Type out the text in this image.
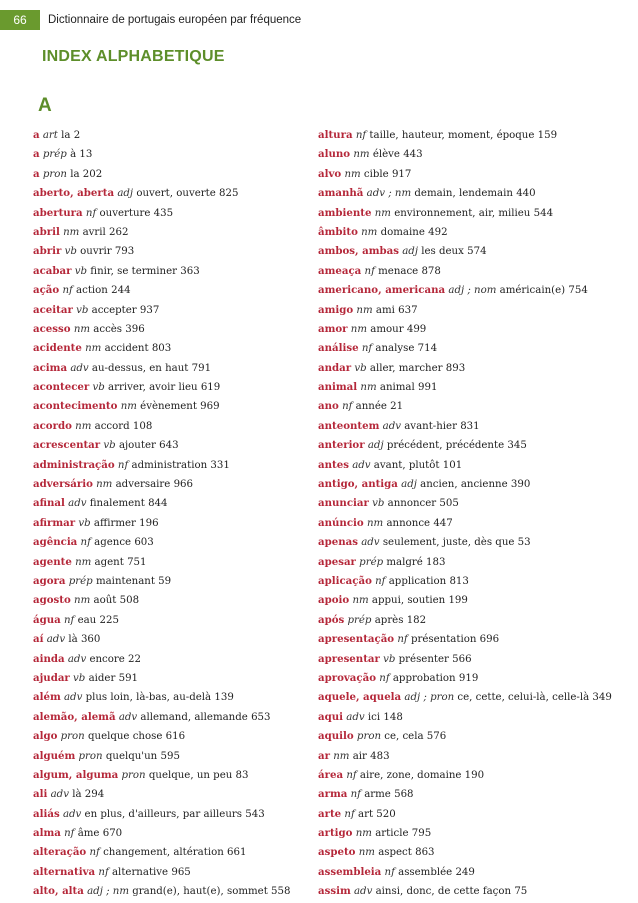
66	Dictionnaire de portugais européen par fréquence
INDEX ALPHABETIQUE
A
a art la 2
a prép à 13
a pron la 202
aberto, aberta adj ouvert, ouverte 825
abertura nf ouverture 435
abril nm avril 262
abrir vb ouvrir 793
acabar vb finir, se terminer 363
ação nf action 244
aceitar vb accepter 937
acesso nm accès 396
acidente nm accident 803
acima adv au-dessus, en haut 791
acontecer vb arriver, avoir lieu 619
acontecimento nm évènement 969
acordo nm accord 108
acrescentar vb ajouter 643
administração nf administration 331
adversário nm adversaire 966
afinal adv finalement 844
afirmar vb affirmer 196
agência nf agence 603
agente nm agent 751
agora prép maintenant 59
agosto nm août 508
água nf eau 225
aí adv là 360
ainda adv encore 22
ajudar vb aider 591
além adv plus loin, là-bas, au-delà 139
alemão, alemã adv allemand, allemande 653
algo pron quelque chose 616
alguém pron quelqu'un 595
algum, alguma pron quelque, un peu 83
ali adv là 294
aliás adv en plus, d'ailleurs, par ailleurs 543
alma nf âme 670
alteração nf changement, altération 661
alternativa nf alternative 965
alto, alta adj ; nm grand(e), haut(e), sommet 558
altura nf taille, hauteur, moment, époque 159
aluno nm élève 443
alvo nm cible 917
amanhã adv ; nm demain, lendemain 440
ambiente nm environnement, air, milieu 544
âmbito nm domaine 492
ambos, ambas adj les deux 574
ameaça nf menace 878
americano, americana adj ; nom américain(e) 754
amigo nm ami 637
amor nm amour 499
análise nf analyse 714
andar vb aller, marcher 893
animal nm animal 991
ano nf année 21
anteontem adv avant-hier 831
anterior adj précédent, précédente 345
antes adv avant, plutôt 101
antigo, antiga adj ancien, ancienne 390
anunciar vb annoncer 505
anúncio nm annonce 447
apenas adv seulement, juste, dès que 53
apesar prép malgré 183
aplicação nf application 813
apoio nm appui, soutien 199
após prép après 182
apresentação nf présentation 696
apresentar vb présenter 566
aprovação nf approbation 919
aquele, aquela adj ; pron ce, cette, celui-là, celle-là 349
aqui adv ici 148
aquilo pron ce, cela 576
ar nm air 483
área nf aire, zone, domaine 190
arma nf arme 568
arte nf art 520
artigo nm article 795
aspeto nm aspect 863
assembleia nf assemblée 249
assim adv ainsi, donc, de cette façon 75
